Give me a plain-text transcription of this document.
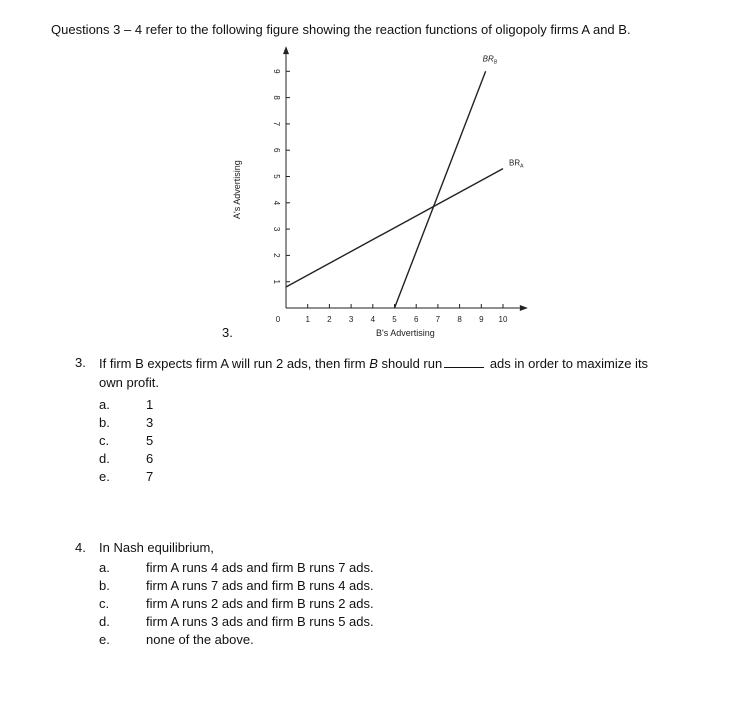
Questions 3 – 4 refer to the following figure showing the reaction functions of oligopoly firms A and B.
1 2 3 4 5 6 7 8 9 10
0
1
2
3
4
5
6
7
8
9
B's Advertising
A's Advertising
$BR_B$
$BR_A$
3.
3. If firm B expects firm A will run 2 ads, then firm B should run	ads in order to maximize its
own profit.
a.	1
b.	3
c.	5
d.	6
e.	7
4. In Nash equilibrium,
a.	firm A runs 4 ads and firm B runs 7 ads.
b.	firm A runs 7 ads and firm B runs 4 ads.
c.	firm A runs 2 ads and firm B runs 2 ads.
d.	firm A runs 3 ads and firm B runs 5 ads.
e.	none of the above.
